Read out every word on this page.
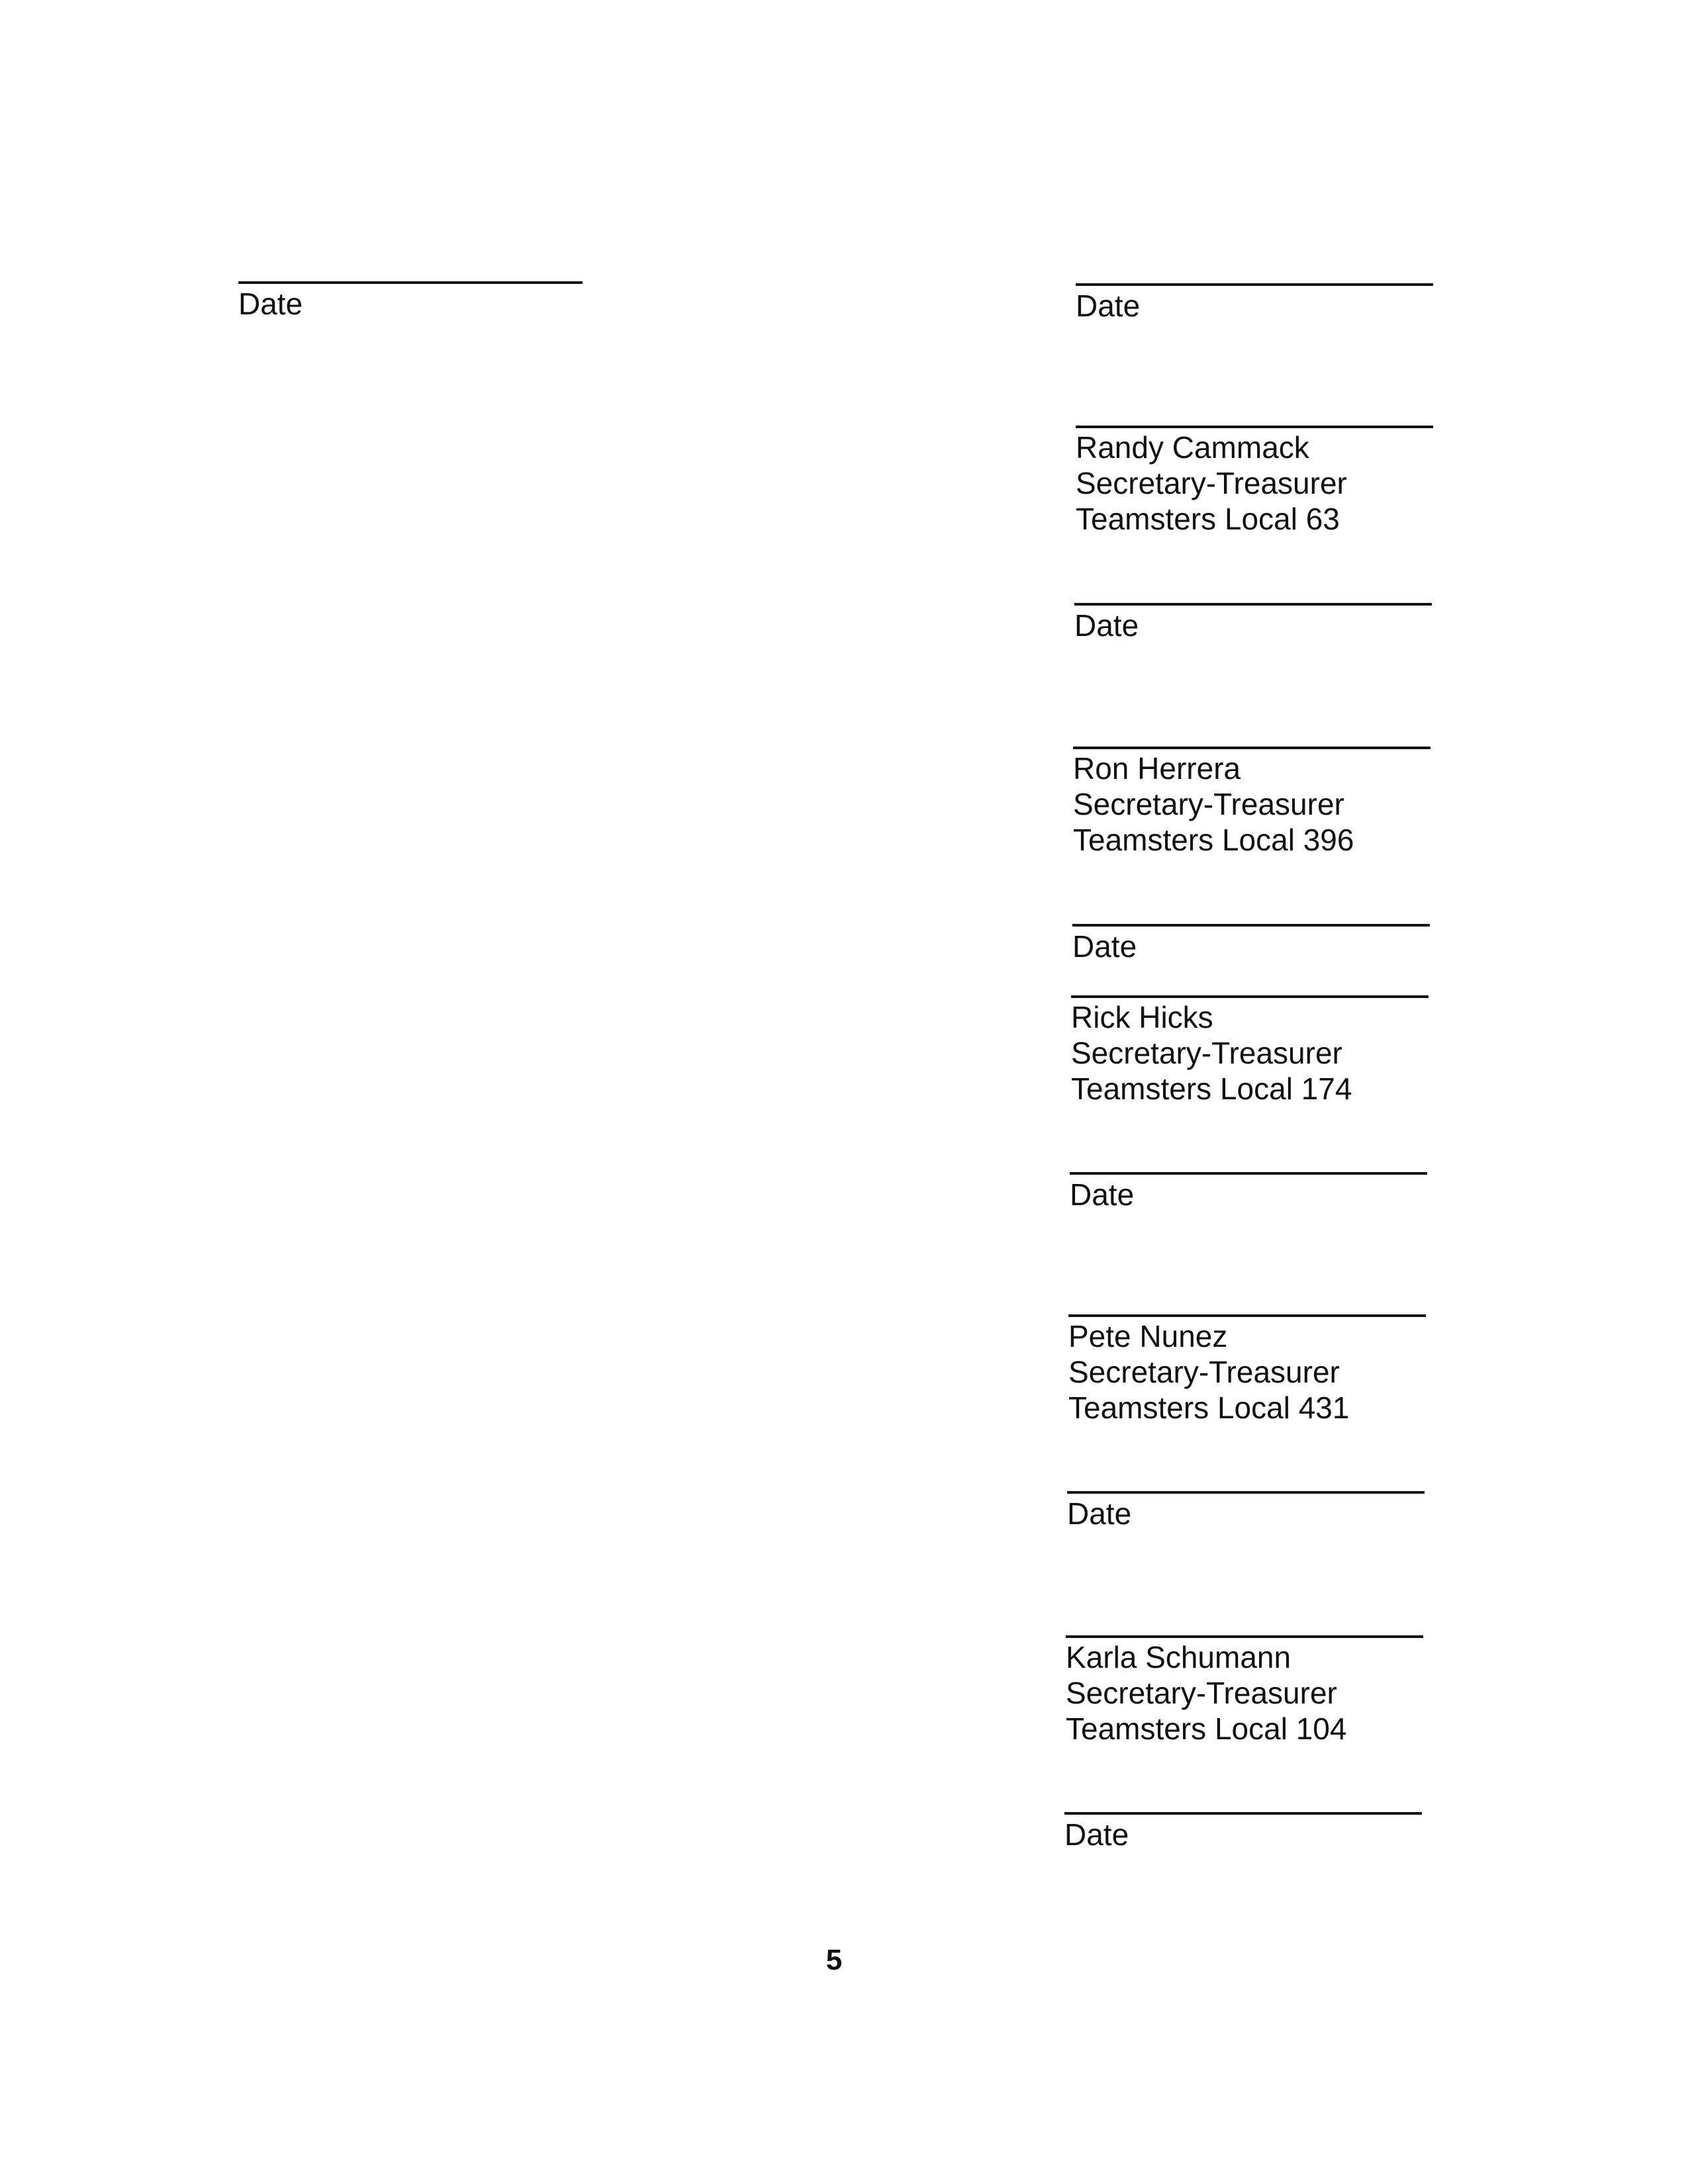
Date	Date
Randy Cammack
Secretary-Treasurer
Teamsters Local 63
Date
Ron Herrera
Secretary-Treasurer
Teamsters Local 396
Date
Rick Hicks
Secretary-Treasurer
Teamsters Local 174
Date
Pete Nunez
Secretary-Treasurer
Teamsters Local 431
Date
Karla Schumann
Secretary-Treasurer
Teamsters Local 104
Date
5
